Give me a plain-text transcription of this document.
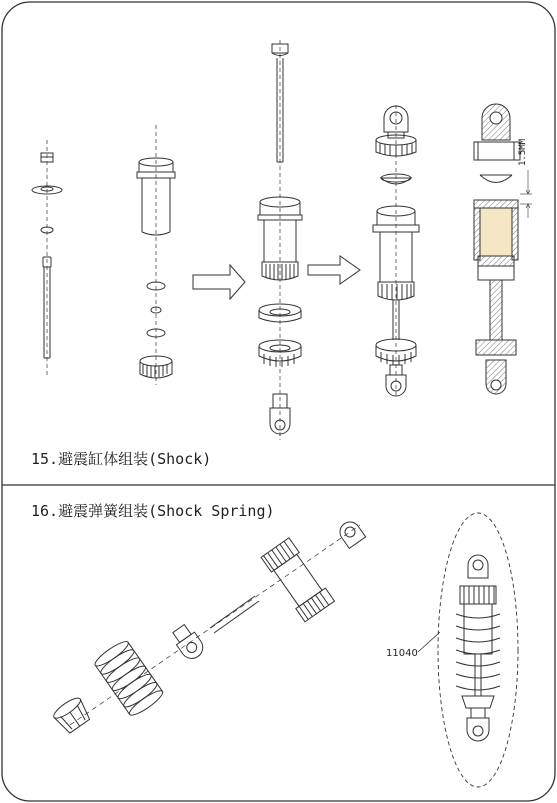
15.避震缸体组装(Shock)
16.避震弹簧组装(Shock Spring)
11040
1.5MM
